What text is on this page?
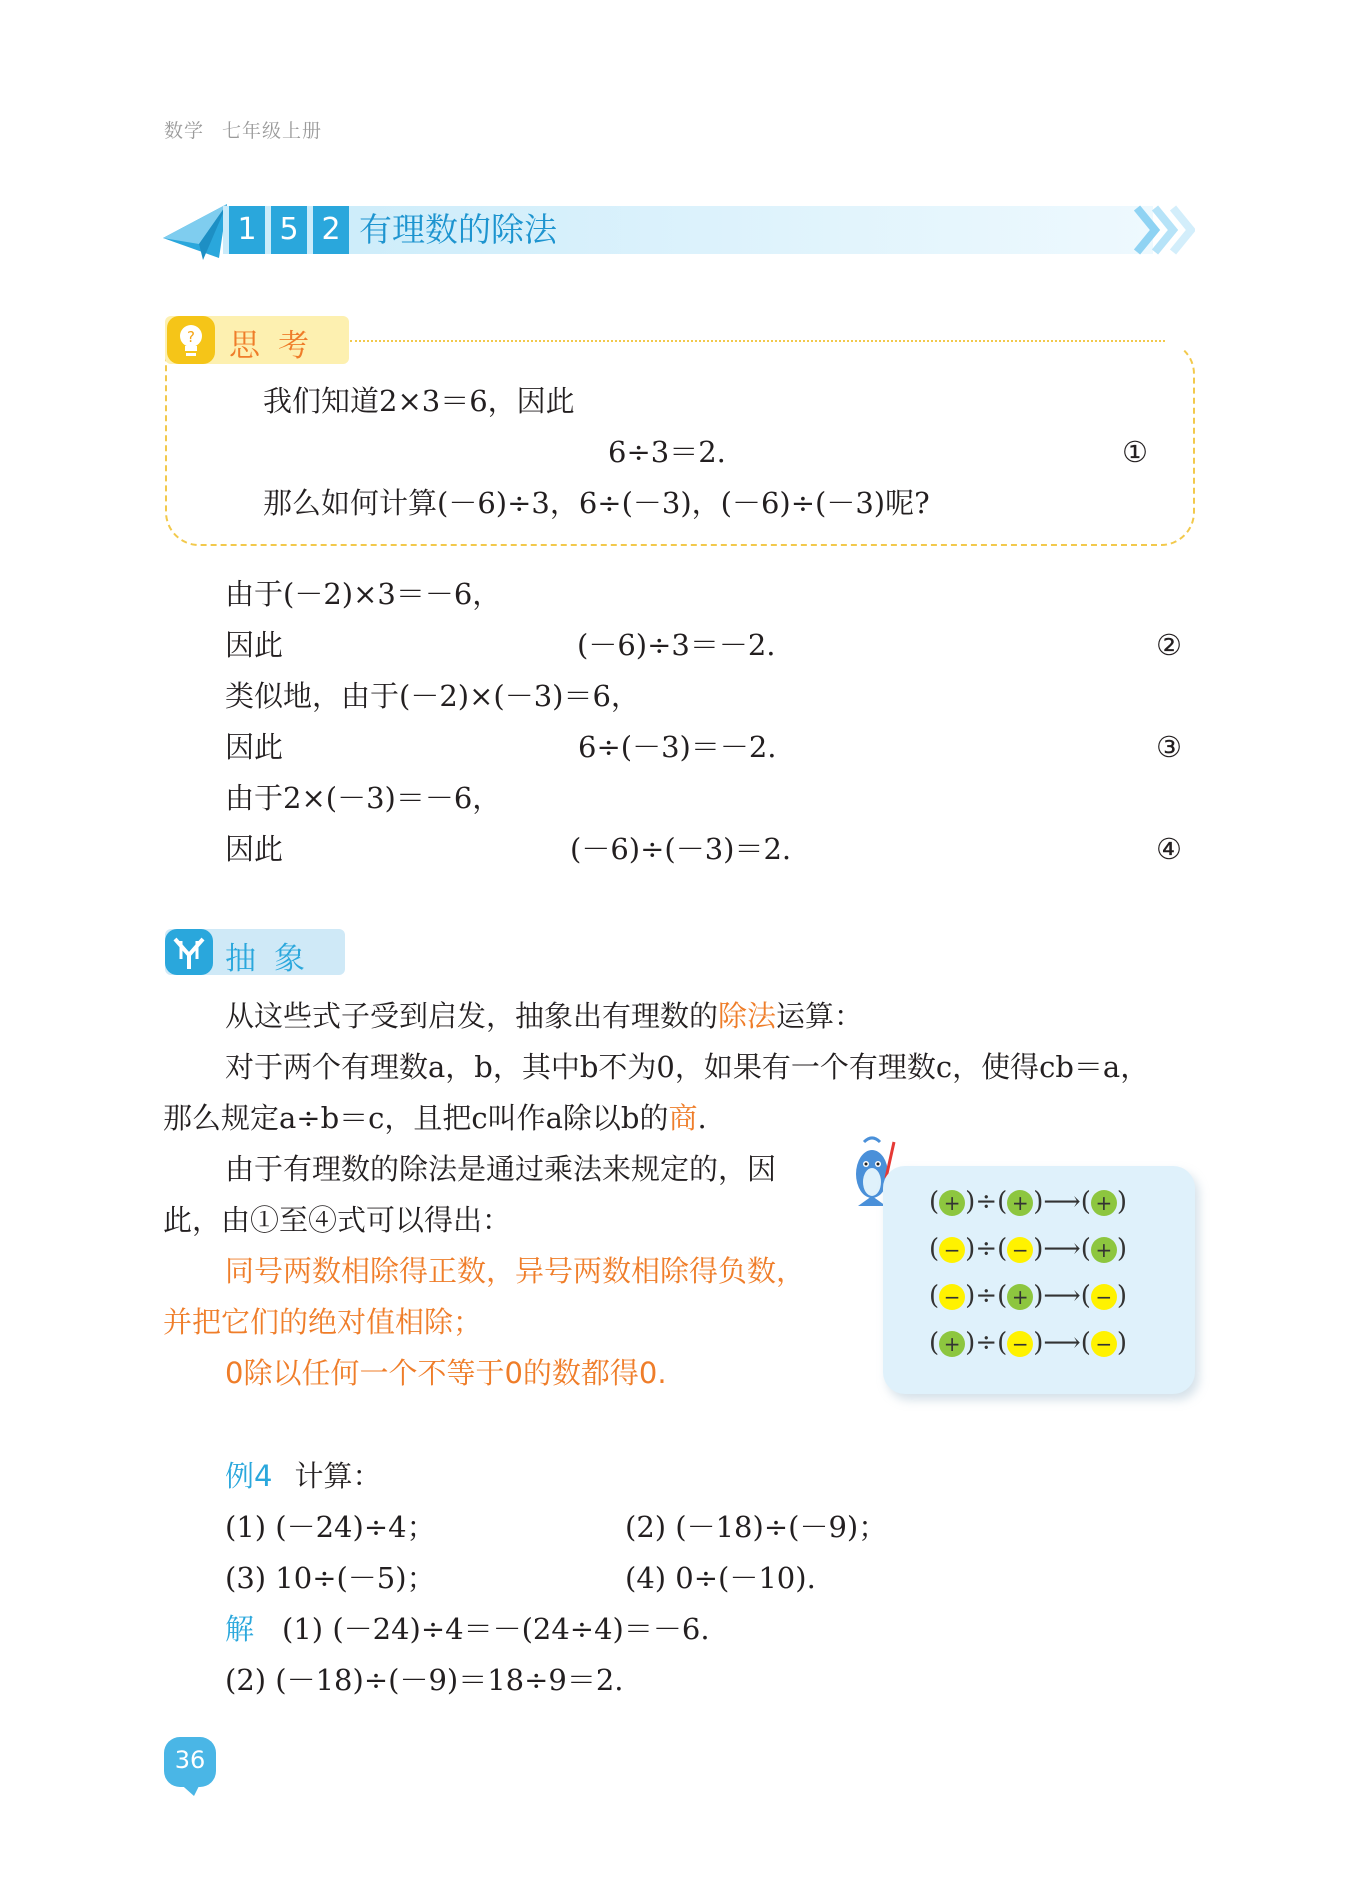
数学 七年级上册
1 5 2 有理数的除法
思考
?
我们知道2×3＝6，因此
6÷3＝2.	①
那么如何计算(－6)÷3，6÷(－3)，(－6)÷(－3)呢?
由于(－2)×3＝－6，
因此	(－6)÷3＝－2.	②
类似地，由于(－2)×(－3)＝6，
因此	6÷(－3)＝－2.	③
由于2×(－3)＝－6，
因此	(－6)÷(－3)＝2.	④
抽象
从这些式子受到启发，抽象出有理数的除法运算：
对于两个有理数a，b，其中b不为0，如果有一个有理数c，使得cb＝a，
那么规定a÷b＝c，且把c叫作a除以b的商.
由于有理数的除法是通过乘法来规定的，因
此，由①至④式可以得出：
同号两数相除得正数，异号两数相除得负数，
并把它们的绝对值相除；
0除以任何一个不等于0的数都得0.
( + )÷( + )⟶( + )
( − )÷( − )⟶( + )
( − )÷( + )⟶( − )
( + )÷( − )⟶( − )
例4 计算：
(1) (－24)÷4；	(2) (－18)÷(－9)；
(3) 10÷(－5)；	(4) 0÷(－10).
解 (1) (－24)÷4＝－(24÷4)＝－6.
(2) (－18)÷(－9)＝18÷9＝2.
36
